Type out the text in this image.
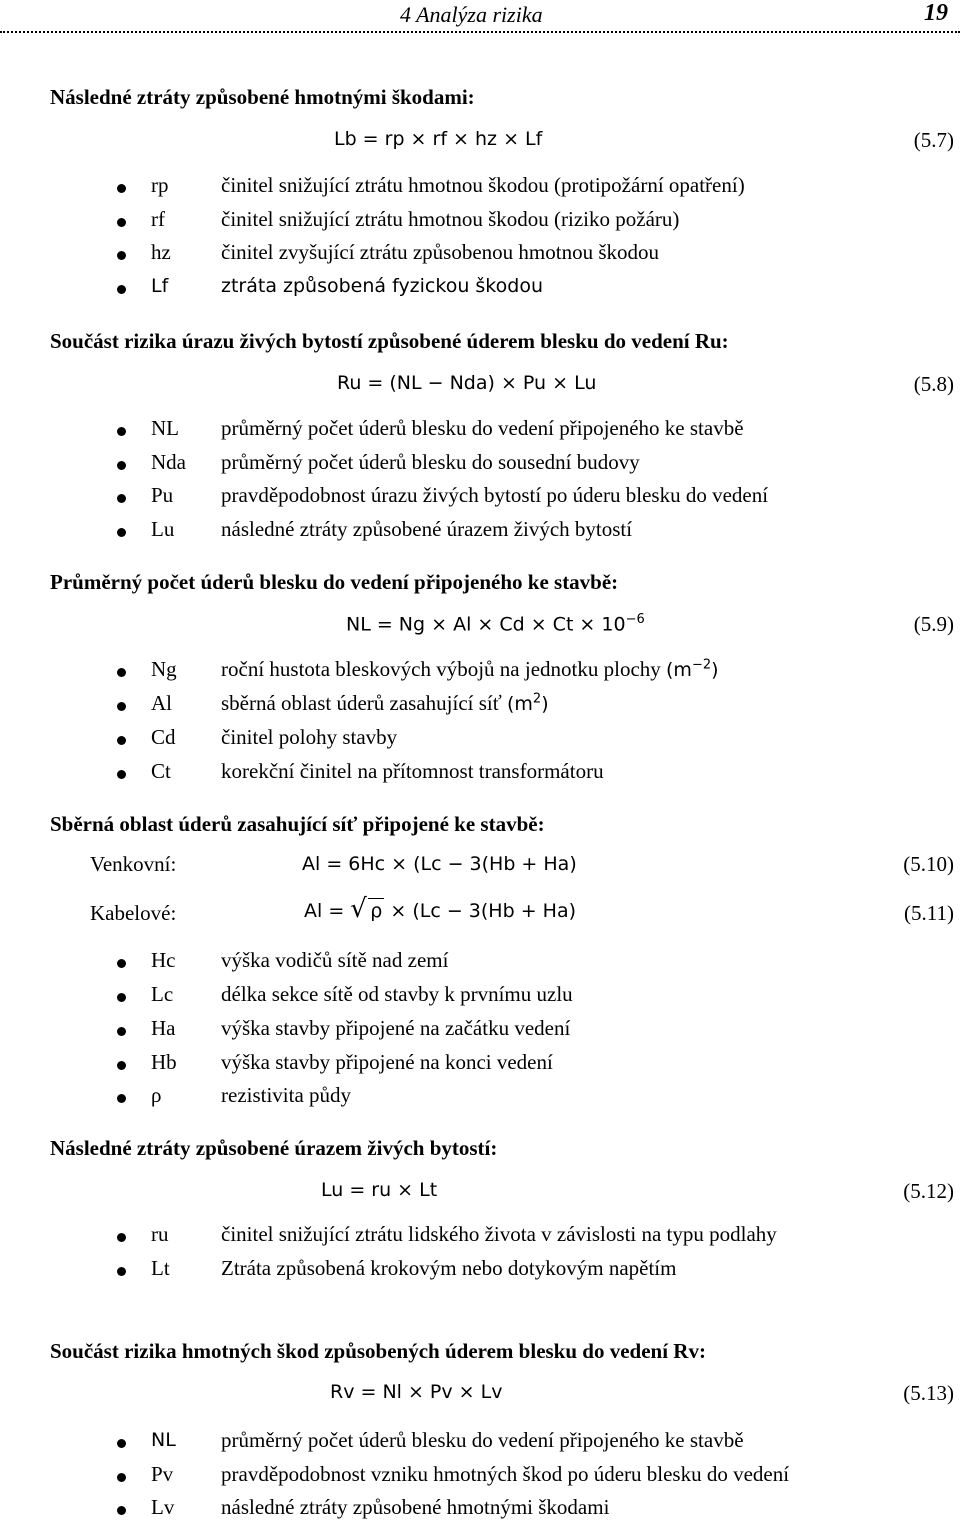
4 Analýza rizika	19
Následné ztráty způsobené hmotnými škodami:
Lb = rp × rf × hz × Lf	(5.7)
rp	činitel snižující ztrátu hmotnou škodou (protipožární opatření)
rf	činitel snižující ztrátu hmotnou škodou (riziko požáru)
hz činitel zvyšující ztrátu způsobenou hmotnou škodou
Lf	ztráta způsobená fyzickou škodou
Součást rizika úrazu živých bytostí způsobené úderem blesku do vedení Ru:
Ru = (NL − Nda) × Pu × Lu	(5.8)
NL průměrný počet úderů blesku do vedení připojeného ke stavbě
Nda průměrný počet úderů blesku do sousední budovy
Pu pravděpodobnost úrazu živých bytostí po úderu blesku do vedení
Lu následné ztráty způsobené úrazem živých bytostí
Průměrný počet úderů blesku do vedení připojeného ke stavbě:
NL = $Ng \times Al \times Cd \times Ct \times 10^{-6}$	(5.9)
Ng roční hustota bleskových výbojů na jednotku plochy $(m^{-2})$
Al sběrná oblast úderů zasahující síť $(m^2)$
Cd činitel polohy stavby
Ct korekční činitel na přítomnost transformátoru
Sběrná oblast úderů zasahující síť připojené ke stavbě:
Venkovní:	Al = 6Hc × (Lc − 3(Hb + Ha)	(5.10)
Kabelové:	Al = √ ρ × (Lc − 3(Hb + Ha)	(5.11)
Hc výška vodičů sítě nad zemí
Lc délka sekce sítě od stavby k prvnímu uzlu
Ha výška stavby připojené na začátku vedení
Hb výška stavby připojené na konci vedení
ρ	rezistivita půdy
Následné ztráty způsobené úrazem živých bytostí:
Lu = ru × Lt	(5.12)
ru	činitel snižující ztrátu lidského života v závislosti na typu podlahy
Lt Ztráta způsobená krokovým nebo dotykovým napětím
Součást rizika hmotných škod způsobených úderem blesku do vedení Rv:
Rv = Nl × Pv × Lv	(5.13)
NL průměrný počet úderů blesku do vedení připojeného ke stavbě
Pv pravděpodobnost vzniku hmotných škod po úderu blesku do vedení
Lv následné ztráty způsobené hmotnými škodami
